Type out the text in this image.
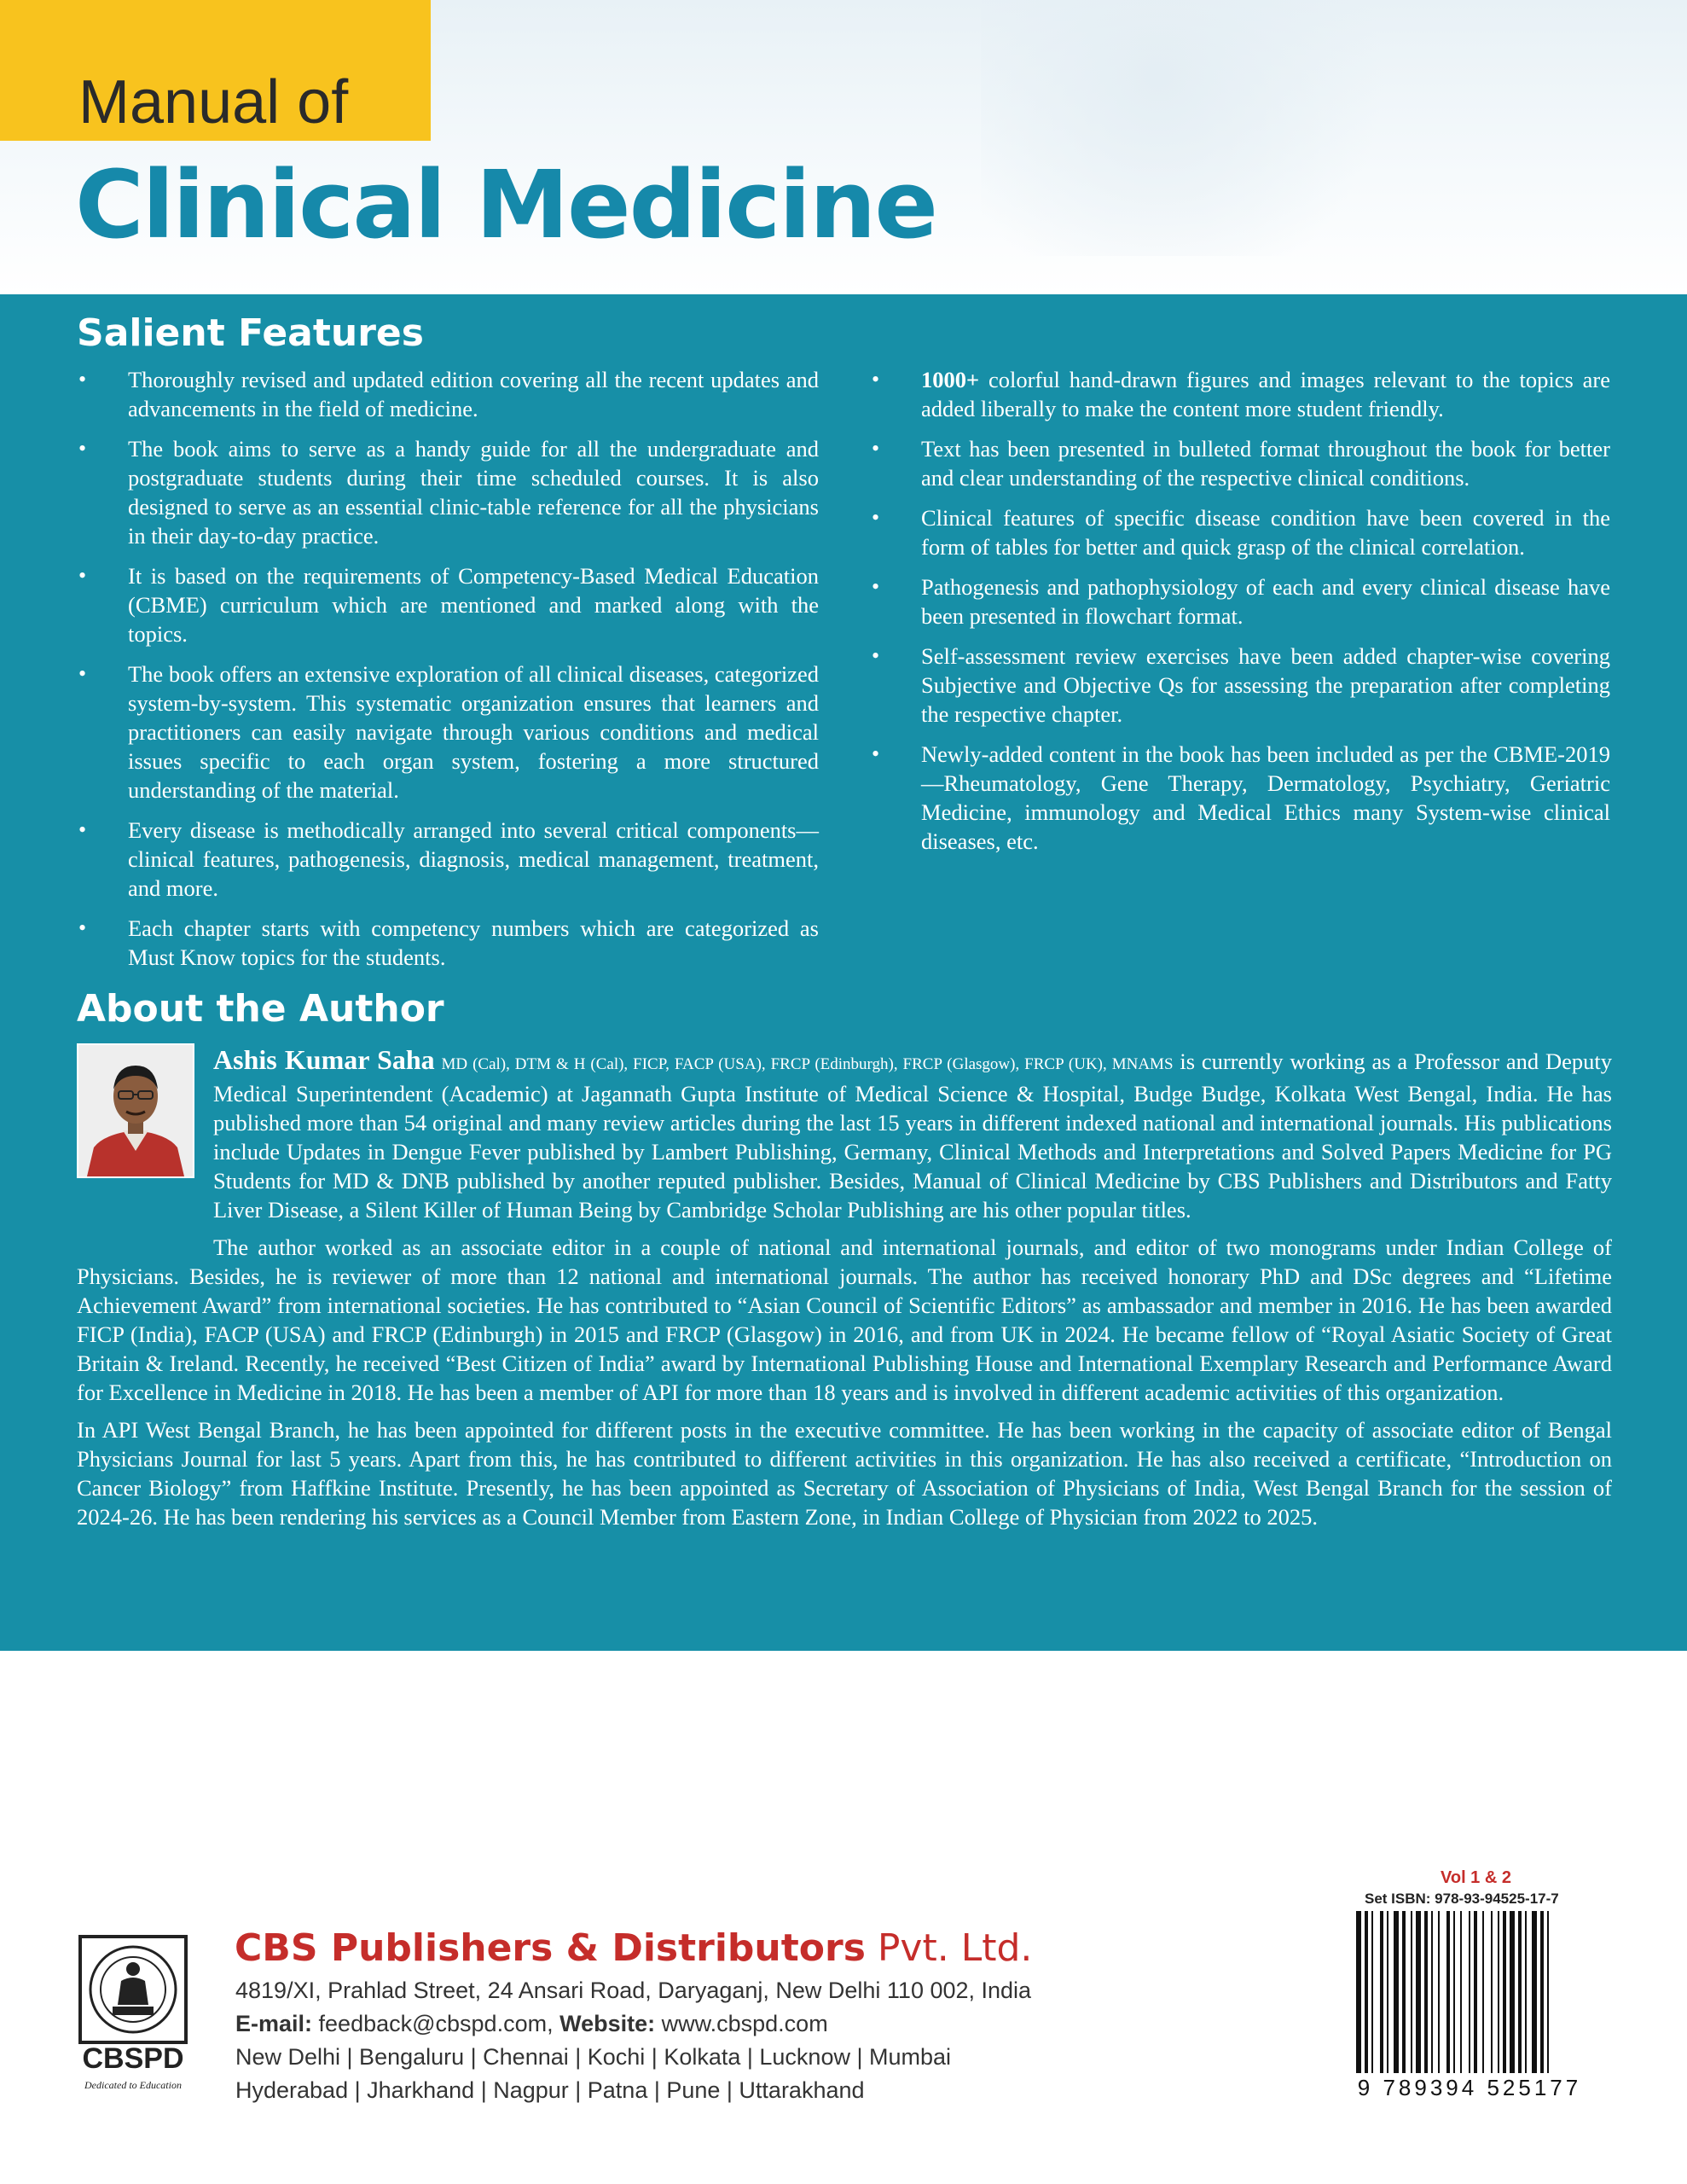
Manual of
Clinical Medicine
Salient Features
• Thoroughly revised and updated edition covering all the recent updates and advancements in the field of medicine.
• The book aims to serve as a handy guide for all the undergraduate and postgraduate students during their time scheduled courses. It is also designed to serve as an essential clinic-table reference for all the physicians in their day-to-day practice.
• It is based on the requirements of Competency-Based Medical Education (CBME) curriculum which are mentioned and marked along with the topics.
• The book offers an extensive exploration of all clinical diseases, categorized system-by-system. This systematic organization ensures that learners and practitioners can easily navigate through various conditions and medical issues specific to each organ system, fostering a more structured understanding of the material.
• Every disease is methodically arranged into several critical components—clinical features, pathogenesis, diagnosis, medical management, treatment, and more.
• Each chapter starts with competency numbers which are categorized as Must Know topics for the students.
• 1000+ colorful hand-drawn figures and images relevant to the topics are added liberally to make the content more student friendly.
• Text has been presented in bulleted format throughout the book for better and clear understanding of the respective clinical conditions.
• Clinical features of specific disease condition have been covered in the form of tables for better and quick grasp of the clinical correlation.
• Pathogenesis and pathophysiology of each and every clinical disease have been presented in flowchart format.
• Self-assessment review exercises have been added chapter-wise covering Subjective and Objective Qs for assessing the preparation after completing the respective chapter.
• Newly-added content in the book has been included as per the CBME-2019—Rheumatology, Gene Therapy, Dermatology, Psychiatry, Geriatric Medicine, immunology and Medical Ethics many System-wise clinical diseases, etc.
About the Author

Ashis Kumar Saha MD (Cal), DTM & H (Cal), FICP, FACP (USA), FRCP (Edinburgh), FRCP (Glasgow), FRCP (UK), MNAMS is currently working as a Professor and Deputy Medical Superintendent (Academic) at Jagannath Gupta Institute of Medical Science & Hospital, Budge Budge, Kolkata West Bengal, India. He has published more than 54 original and many review articles during the last 15 years in different indexed national and international journals. His publications include Updates in Dengue Fever published by Lambert Publishing, Germany, Clinical Methods and Interpretations and Solved Papers Medicine for PG Students for MD & DNB published by another reputed publisher. Besides, Manual of Clinical Medicine by CBS Publishers and Distributors and Fatty Liver Disease, a Silent Killer of Human Being by Cambridge Scholar Publishing are his other popular titles.

The author worked as an associate editor in a couple of national and international journals, and editor of two monograms under Indian College of Physicians. Besides, he is reviewer of more than 12 national and international journals. The author has received honorary PhD and DSc degrees and “Lifetime Achievement Award” from international societies. He has contributed to “Asian Council of Scientific Editors” as ambassador and member in 2016. He has been awarded FICP (India), FACP (USA) and FRCP (Edinburgh) in 2015 and FRCP (Glasgow) in 2016, and from UK in 2024. He became fellow of “Royal Asiatic Society of Great Britain & Ireland. Recently, he received “Best Citizen of India” award by International Publishing House and International Exemplary Research and Performance Award for Excellence in Medicine in 2018. He has been a member of API for more than 18 years and is involved in different academic activities of this organization.

In API West Bengal Branch, he has been appointed for different posts in the executive committee. He has been working in the capacity of associate editor of Bengal Physicians Journal for last 5 years. Apart from this, he has contributed to different activities in this organization. He has also received a certificate, “Introduction on Cancer Biology” from Haffkine Institute. Presently, he has been appointed as Secretary of Association of Physicians of India, West Bengal Branch for the session of 2024-26. He has been rendering his services as a Council Member from Eastern Zone, in Indian College of Physician from 2022 to 2025.

CBSPD
Dedicated to Education
CBS Publishers & Distributors Pvt. Ltd.
4819/XI, Prahlad Street, 24 Ansari Road, Daryaganj, New Delhi 110 002, India
E-mail: feedback@cbspd.com, Website: www.cbspd.com
New Delhi | Bengaluru | Chennai | Kochi | Kolkata | Lucknow | Mumbai
Hyderabad | Jharkhand | Nagpur | Patna | Pune | Uttarakhand
Vol 1 & 2
Set ISBN: 978-93-94525-17-7
9 789394 525177
